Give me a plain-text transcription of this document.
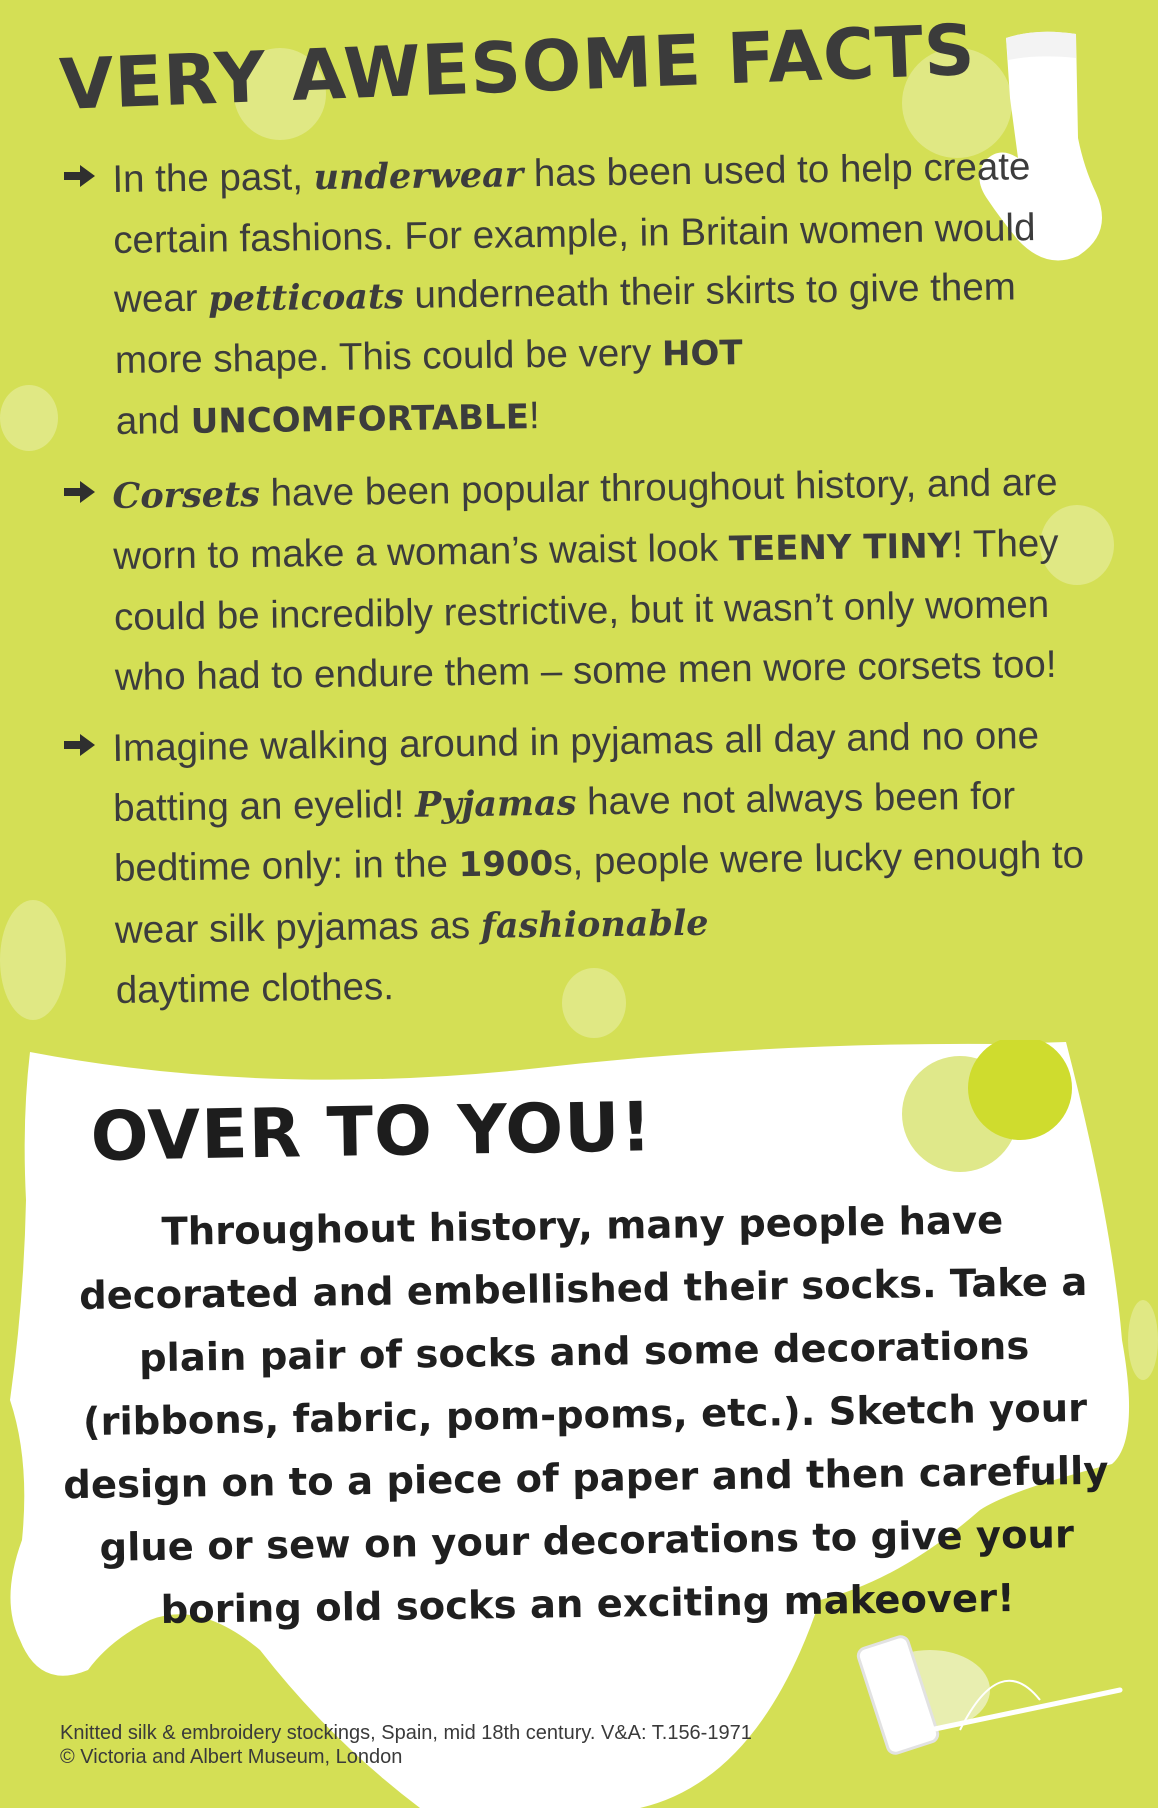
VERY AWESOME FACTS

In the past, underwear has been used to help create certain fashions. For example, in Britain women would wear petticoats underneath their skirts to give them more shape. This could be very HOT
and UNCOMFORTABLE!

Corsets have been popular throughout history, and are worn to make a woman’s waist look TEENY TINY! They could be incredibly restrictive, but it wasn’t only women who had to endure them – some men wore corsets too!

Imagine walking around in pyjamas all day and no one batting an eyelid! Pyjamas have not always been for bedtime only: in the 1900s, people were lucky enough to wear silk pyjamas as fashionable
daytime clothes.

OVER TO YOU!

Throughout history, many people have decorated and embellished their socks. Take a plain pair of socks and some decorations (ribbons, fabric, pom-poms, etc.). Sketch your design on to a piece of paper and then carefully glue or sew on your decorations to give your boring old socks an exciting makeover!

Knitted silk & embroidery stockings, Spain, mid 18th century. V&A: T.156-1971
© Victoria and Albert Museum, London
